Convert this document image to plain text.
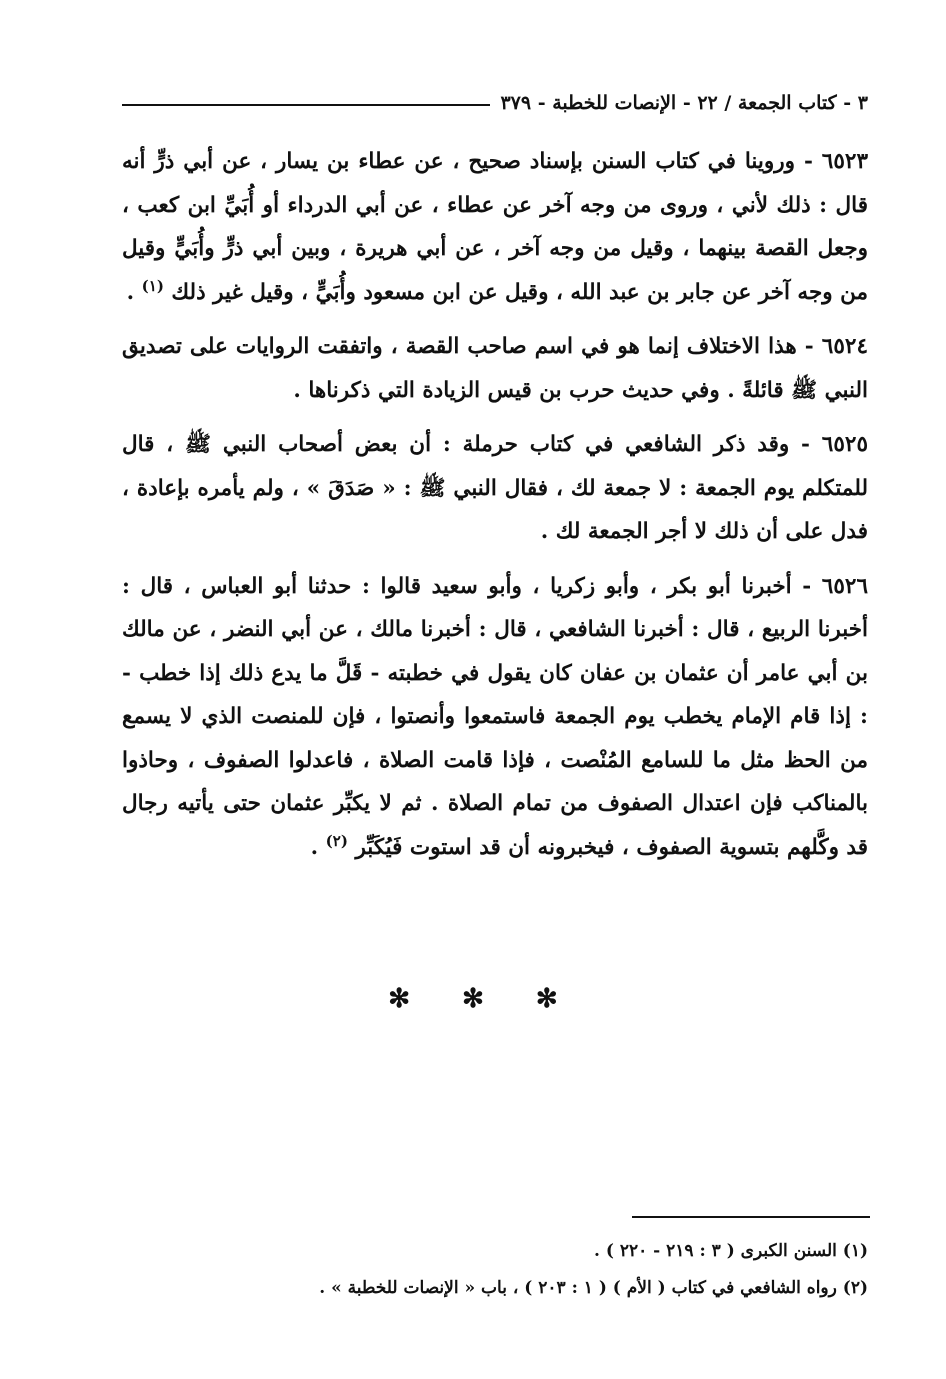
٣ - كتاب الجمعة / ٢٢ - الإنصات للخطبة - ٣٧٩

٦٥٢٣ - وروينا في كتاب السنن بإسناد صحيح ، عن عطاء بن يسار ، عن أبي ذرٍّ أنه قال : ذلك لأني ، وروى من وجه آخر عن عطاء ، عن أبي الدرداء أو أُبَيِّ ابن كعب ، وجعل القصة بينهما ، وقيل من وجه آخر ، عن أبي هريرة ، وبين أبي ذرٍّ وأُبَيٍّ وقيل من وجه آخر عن جابر بن عبد الله ، وقيل عن ابن مسعود وأُبَيٍّ ، وقيل غير ذلك $^{(١)}$ .

٦٥٢٤ - هذا الاختلاف إنما هو في اسم صاحب القصة ، واتفقت الروايات على تصديق النبي ﷺ قائلةً . وفي حديث حرب بن قيس الزيادة التي ذكرناها .

٦٥٢٥ - وقد ذكر الشافعي في كتاب حرملة : أن بعض أصحاب النبي ﷺ ، قال للمتكلم يوم الجمعة : لا جمعة لك ، فقال النبي ﷺ : « صَدَقَ » ، ولم يأمره بإعادة ، فدل على أن ذلك لا أجر الجمعة لك .

٦٥٢٦ - أخبرنا أبو بكر ، وأبو زكريا ، وأبو سعيد قالوا : حدثنا أبو العباس ، قال : أخبرنا الربيع ، قال : أخبرنا الشافعي ، قال : أخبرنا مالك ، عن أبي النضر ، عن مالك بن أبي عامر أن عثمان بن عفان كان يقول في خطبته - قَلَّ ما يدع ذلك إذا خطب - : إذا قام الإمام يخطب يوم الجمعة فاستمعوا وأنصتوا ، فإن للمنصت الذي لا يسمع من الحظ مثل ما للسامع المُنْصت ، فإذا قامت الصلاة ، فاعدلوا الصفوف ، وحاذوا بالمناكب فإن اعتدال الصفوف من تمام الصلاة . ثم لا يكبِّر عثمان حتى يأتيه رجال قد وكَّلهم بتسوية الصفوف ، فيخبرونه أن قد استوت فَيُكَبِّر $^{(٢)}$ .

✻ ✻ ✻

(١) السنن الكبرى ( ٣ : ٢١٩ - ٢٢٠ ) .

(٢) رواه الشافعي في كتاب ( الأم ) ( ١ : ٢٠٣ ) ، باب « الإنصات للخطبة » .
